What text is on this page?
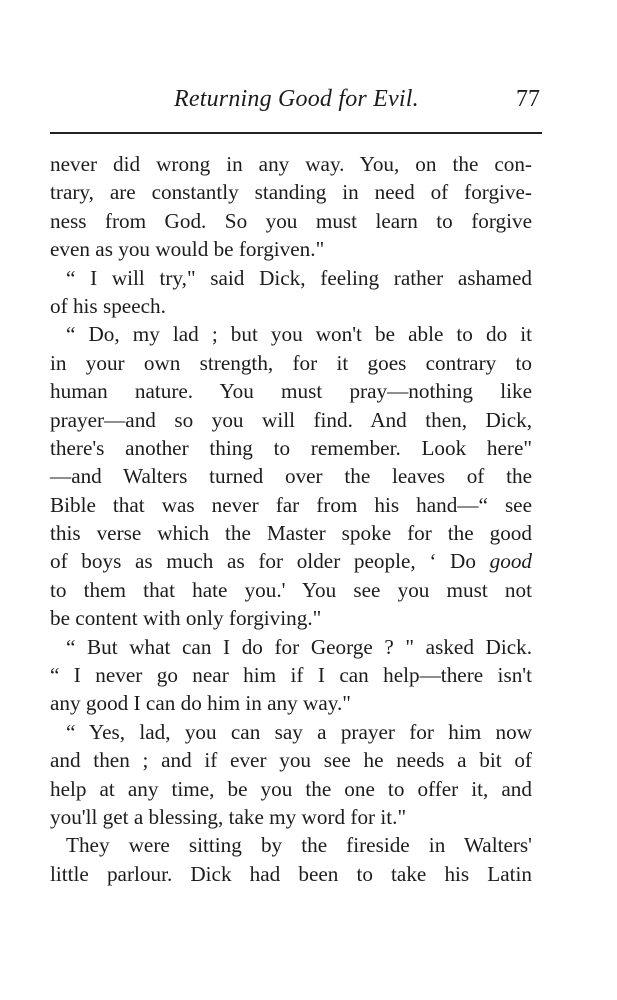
Returning Good for Evil.	77
never did wrong in any way. You, on the con-
trary, are constantly standing in need of forgive-
ness from God. So you must learn to forgive
even as you would be forgiven."
“ I will try," said Dick, feeling rather ashamed
of his speech.
“ Do, my lad ; but you won't be able to do it
in your own strength, for it goes contrary to
human nature. You must pray—nothing like
prayer—and so you will find. And then, Dick,
there's another thing to remember. Look here"
—and Walters turned over the leaves of the
Bible that was never far from his hand—“ see
this verse which the Master spoke for the good
of boys as much as for older people, ‘ Do good
to them that hate you.' You see you must not
be content with only forgiving."
“ But what can I do for George ? " asked Dick.
“ I never go near him if I can help—there isn't
any good I can do him in any way."
“ Yes, lad, you can say a prayer for him now
and then ; and if ever you see he needs a bit of
help at any time, be you the one to offer it, and
you'll get a blessing, take my word for it."
They were sitting by the fireside in Walters'
little parlour. Dick had been to take his Latin
